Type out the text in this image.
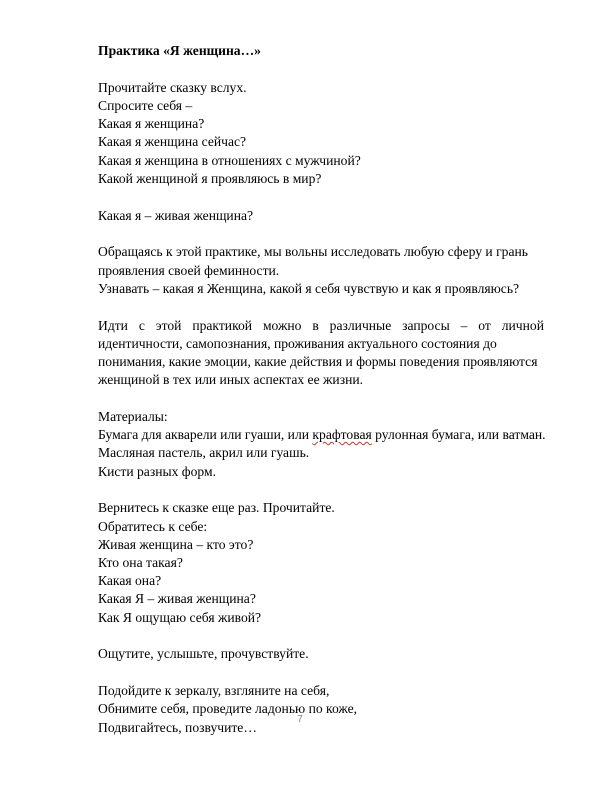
Практика «Я женщина…»

Прочитайте сказку вслух.

Спросите себя –

Какая я женщина?

Какая я женщина сейчас?

Какая я женщина в отношениях с мужчиной?

Какой женщиной я проявляюсь в мир?

Какая я – живая женщина?

Обращаясь к этой практике, мы вольны исследовать любую сферу и грань

проявления своей феминности.

Узнавать – какая я Женщина, какой я себя чувствую и как я проявляюсь?

Идти с этой практикой можно в различные запросы – от личной

идентичности, самопознания, проживания актуального состояния до

понимания, какие эмоции, какие действия и формы поведения проявляются

женщиной в тех или иных аспектах ее жизни.

Материалы:

Бумага для акварели или гуаши, или крафтовая рулонная бумага, или ватман.

Масляная пастель, акрил или гуашь.

Кисти разных форм.

Вернитесь к сказке еще раз. Прочитайте.

Обратитесь к себе:

Живая женщина – кто это?

Кто она такая?

Какая она?

Какая Я – живая женщина?

Как Я ощущаю себя живой?

Ощутите, услышьте, прочувствуйте.

Подойдите к зеркалу, взгляните на себя,

Обнимите себя, проведите ладонью по коже,

Подвигайтесь, позвучите…

7
